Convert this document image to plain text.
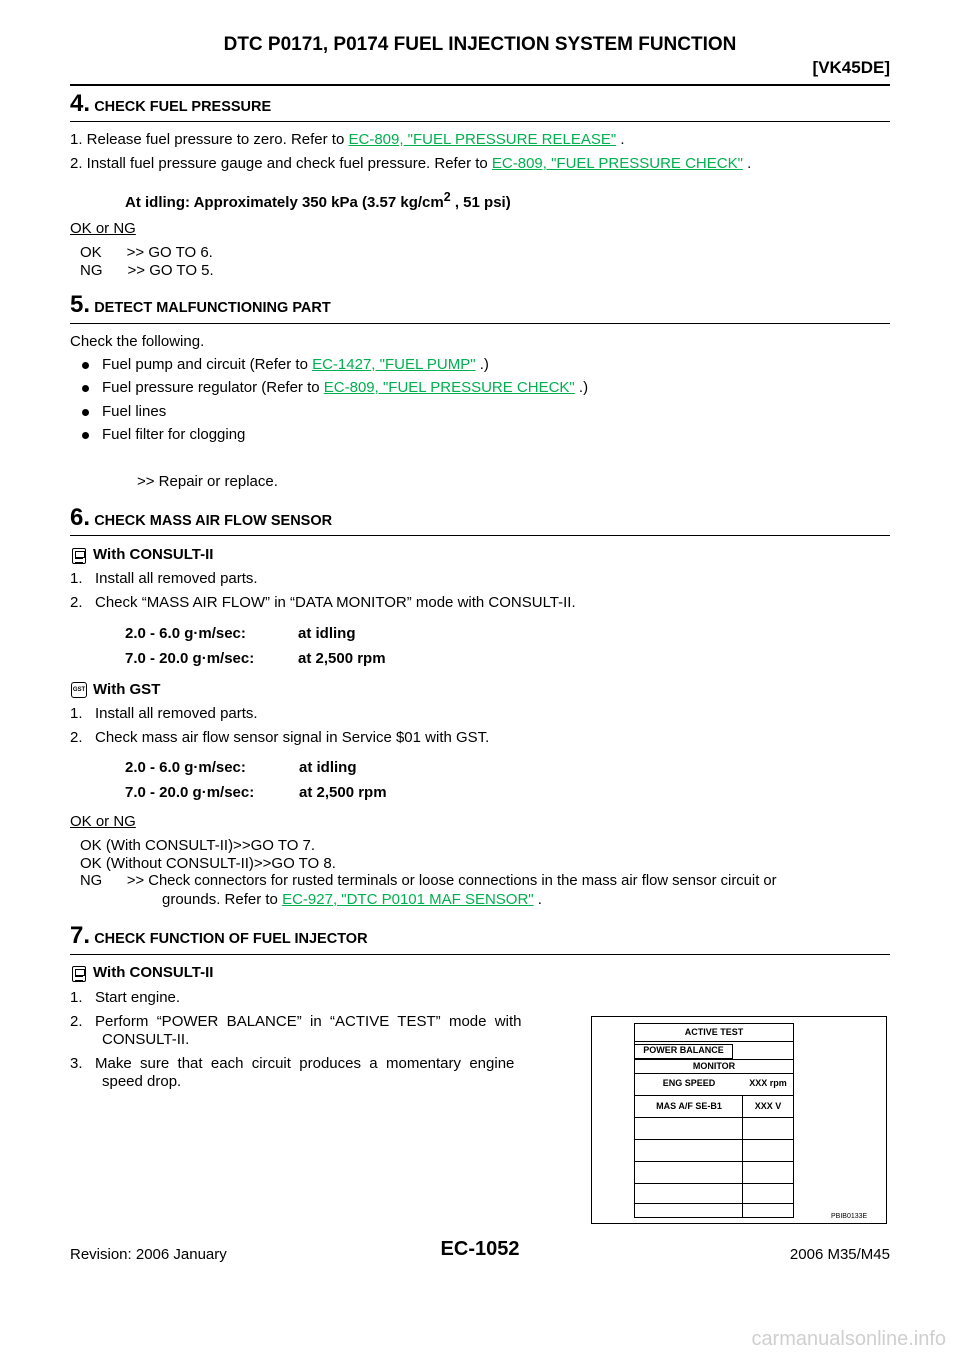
DTC P0171, P0174 FUEL INJECTION SYSTEM FUNCTION
[VK45DE]
4. CHECK FUEL PRESSURE
1. Release fuel pressure to zero. Refer to EC-809, "FUEL PRESSURE RELEASE" .
2. Install fuel pressure gauge and check fuel pressure. Refer to EC-809, "FUEL PRESSURE CHECK" .
At idling: Approximately 350 kPa (3.57 $kg/cm^2$ , 51 psi)
OK or NG
OK      >> GO TO 6.
NG      >> GO TO 5.
5. DETECT MALFUNCTIONING PART
Check the following.
Fuel pump and circuit (Refer to EC-1427, "FUEL PUMP" .)
Fuel pressure regulator (Refer to EC-809, "FUEL PRESSURE CHECK" .)
Fuel lines
Fuel filter for clogging
>> Repair or replace.
6. CHECK MASS AIR FLOW SENSOR
With CONSULT-II
1.   Install all removed parts.
2.   Check “MASS AIR FLOW” in “DATA MONITOR” mode with CONSULT-II.
2.0 - 6.0 g·m/sec:	at idling
7.0 - 20.0 g·m/sec:	at 2,500 rpm
GST With GST
1.   Install all removed parts.
2.   Check mass air flow sensor signal in Service $01 with GST.
2.0 - 6.0 g·m/sec:	at idling
7.0 - 20.0 g·m/sec:	at 2,500 rpm
OK or NG
OK (With CONSULT-II)>>GO TO 7.
OK (Without CONSULT-II)>>GO TO 8.
NG      >> Check connectors for rusted terminals or loose connections in the mass air flow sensor circuit or
grounds. Refer to EC-927, "DTC P0101 MAF SENSOR" .
7. CHECK FUNCTION OF FUEL INJECTOR
With CONSULT-II
1.   Start engine.
2.   Perform  “POWER  BALANCE”  in  “ACTIVE  TEST”  mode  with
CONSULT-II.
3.   Make  sure  that  each  circuit  produces  a  momentary  engine
speed drop.
ACTIVE TEST
POWER BALANCE
MONITOR
ENG SPEED	XXX rpm
MAS A/F SE-B1	XXX V
PBIB0133E
Revision: 2006 January	EC-1052	2006 M35/M45
carmanualsonline.info
